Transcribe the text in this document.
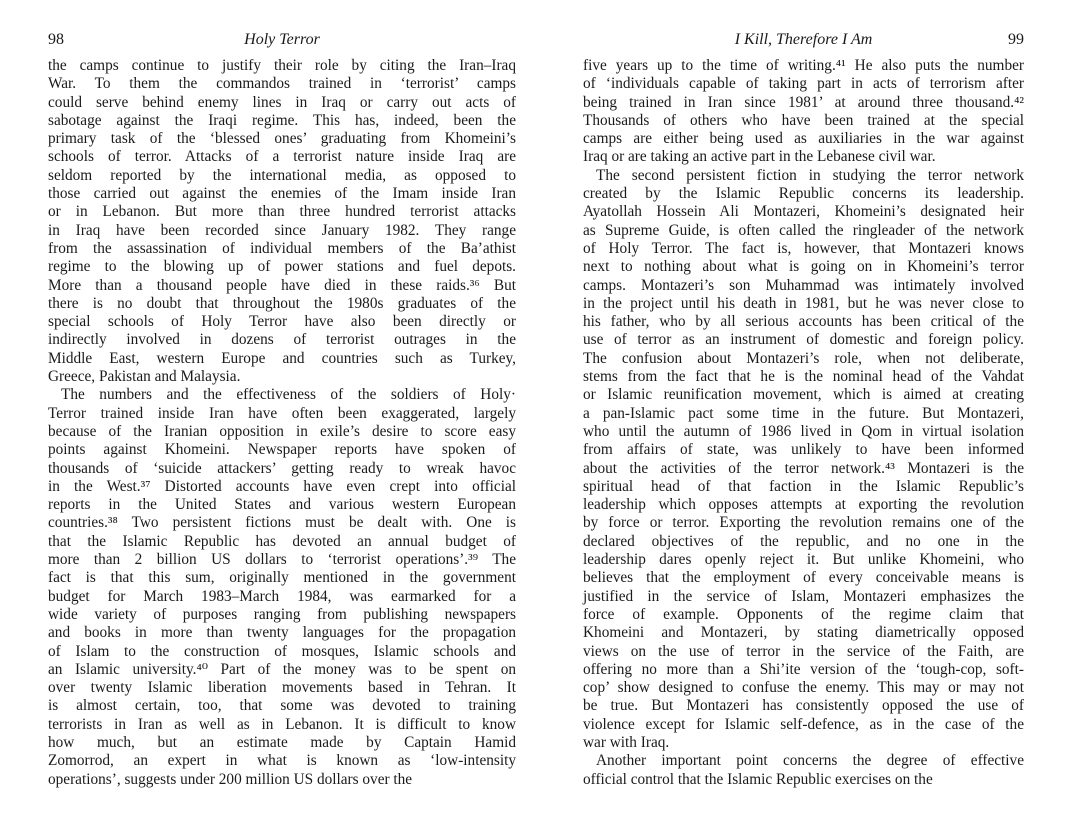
98	Holy Terror
the camps continue to justify their role by citing the Iran–Iraq
War. To them the commandos trained in ‘terrorist’ camps
could serve behind enemy lines in Iraq or carry out acts of
sabotage against the Iraqi regime. This has, indeed, been the
primary task of the ‘blessed ones’ graduating from Khomeini’s
schools of terror. Attacks of a terrorist nature inside Iraq are
seldom reported by the international media, as opposed to
those carried out against the enemies of the Imam inside Iran
or in Lebanon. But more than three hundred terrorist attacks
in Iraq have been recorded since January 1982. They range
from the assassination of individual members of the Ba’athist
regime to the blowing up of power stations and fuel depots.
More than a thousand people have died in these raids.³⁶ But
there is no doubt that throughout the 1980s graduates of the
special schools of Holy Terror have also been directly or
indirectly involved in dozens of terrorist outrages in the
Middle East, western Europe and countries such as Turkey,
Greece, Pakistan and Malaysia.
The numbers and the effectiveness of the soldiers of Holy·
Terror trained inside Iran have often been exaggerated, largely
because of the Iranian opposition in exile’s desire to score easy
points against Khomeini. Newspaper reports have spoken of
thousands of ‘suicide attackers’ getting ready to wreak havoc
in the West.³⁷ Distorted accounts have even crept into official
reports in the United States and various western European
countries.³⁸ Two persistent fictions must be dealt with. One is
that the Islamic Republic has devoted an annual budget of
more than 2 billion US dollars to ‘terrorist operations’.³⁹ The
fact is that this sum, originally mentioned in the government
budget for March 1983–March 1984, was earmarked for a
wide variety of purposes ranging from publishing newspapers
and books in more than twenty languages for the propagation
of Islam to the construction of mosques, Islamic schools and
an Islamic university.⁴⁰ Part of the money was to be spent on
over twenty Islamic liberation movements based in Tehran. It
is almost certain, too, that some was devoted to training
terrorists in Iran as well as in Lebanon. It is difficult to know
how much, but an estimate made by Captain Hamid
Zomorrod, an expert in what is known as ‘low-intensity
operations’, suggests under 200 million US dollars over the
I Kill, Therefore I Am	99
five years up to the time of writing.⁴¹ He also puts the number
of ‘individuals capable of taking part in acts of terrorism after
being trained in Iran since 1981’ at around three thousand.⁴²
Thousands of others who have been trained at the special
camps are either being used as auxiliaries in the war against
Iraq or are taking an active part in the Lebanese civil war.
The second persistent fiction in studying the terror network
created by the Islamic Republic concerns its leadership.
Ayatollah Hossein Ali Montazeri, Khomeini’s designated heir
as Supreme Guide, is often called the ringleader of the network
of Holy Terror. The fact is, however, that Montazeri knows
next to nothing about what is going on in Khomeini’s terror
camps. Montazeri’s son Muhammad was intimately involved
in the project until his death in 1981, but he was never close to
his father, who by all serious accounts has been critical of the
use of terror as an instrument of domestic and foreign policy.
The confusion about Montazeri’s role, when not deliberate,
stems from the fact that he is the nominal head of the Vahdat
or Islamic reunification movement, which is aimed at creating
a pan-Islamic pact some time in the future. But Montazeri,
who until the autumn of 1986 lived in Qom in virtual isolation
from affairs of state, was unlikely to have been informed
about the activities of the terror network.⁴³ Montazeri is the
spiritual head of that faction in the Islamic Republic’s
leadership which opposes attempts at exporting the revolution
by force or terror. Exporting the revolution remains one of the
declared objectives of the republic, and no one in the
leadership dares openly reject it. But unlike Khomeini, who
believes that the employment of every conceivable means is
justified in the service of Islam, Montazeri emphasizes the
force of example. Opponents of the regime claim that
Khomeini and Montazeri, by stating diametrically opposed
views on the use of terror in the service of the Faith, are
offering no more than a Shi’ite version of the ‘tough-cop, soft-
cop’ show designed to confuse the enemy. This may or may not
be true. But Montazeri has consistently opposed the use of
violence except for Islamic self-defence, as in the case of the
war with Iraq.
Another important point concerns the degree of effective
official control that the Islamic Republic exercises on the
